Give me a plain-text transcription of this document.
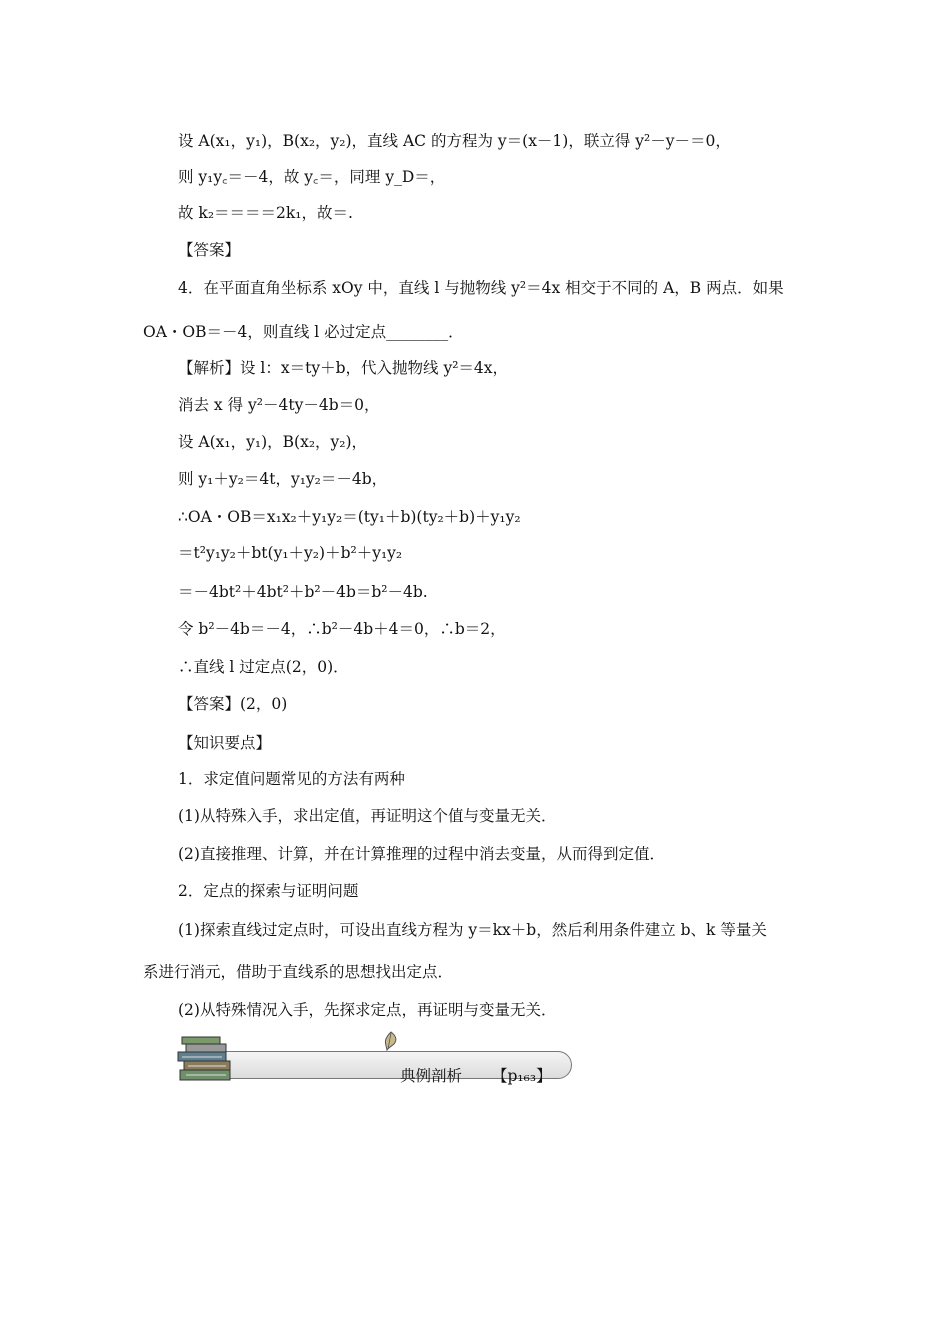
设 A(x₁，y₁)，B(x₂，y₂)，直线 AC 的方程为 y＝(x－1)，联立得 y²－y－＝0，
则 y₁y꜀＝－4，故 y꜀＝，同理 y_D＝，
故 k₂＝＝＝＝2k₁，故＝.
【答案】
4．在平面直角坐标系 xOy 中，直线 l 与抛物线 y²＝4x 相交于不同的 A，B 两点．如果
OA・OB＝－4，则直线 l 必过定点________．
【解析】设 l：x＝ty＋b，代入抛物线 y²＝4x，
消去 x 得 y²－4ty－4b＝0，
设 A(x₁，y₁)，B(x₂，y₂)，
则 y₁＋y₂＝4t，y₁y₂＝－4b，
∴OA・OB＝x₁x₂＋y₁y₂＝(ty₁＋b)(ty₂＋b)＋y₁y₂
＝t²y₁y₂＋bt(y₁＋y₂)＋b²＋y₁y₂
＝－4bt²＋4bt²＋b²－4b＝b²－4b.
令 b²－4b＝－4，∴b²－4b＋4＝0，∴b＝2，
∴直线 l 过定点(2，0)．
【答案】(2，0)
【知识要点】
1．求定值问题常见的方法有两种
(1)从特殊入手，求出定值，再证明这个值与变量无关．
(2)直接推理、计算，并在计算推理的过程中消去变量，从而得到定值．
2．定点的探索与证明问题
(1)探索直线过定点时，可设出直线方程为 y＝kx＋b，然后利用条件建立 b、k 等量关
系进行消元，借助于直线系的思想找出定点．
(2)从特殊情况入手，先探求定点，再证明与变量无关．
典例剖析 【p₁₆₃】
